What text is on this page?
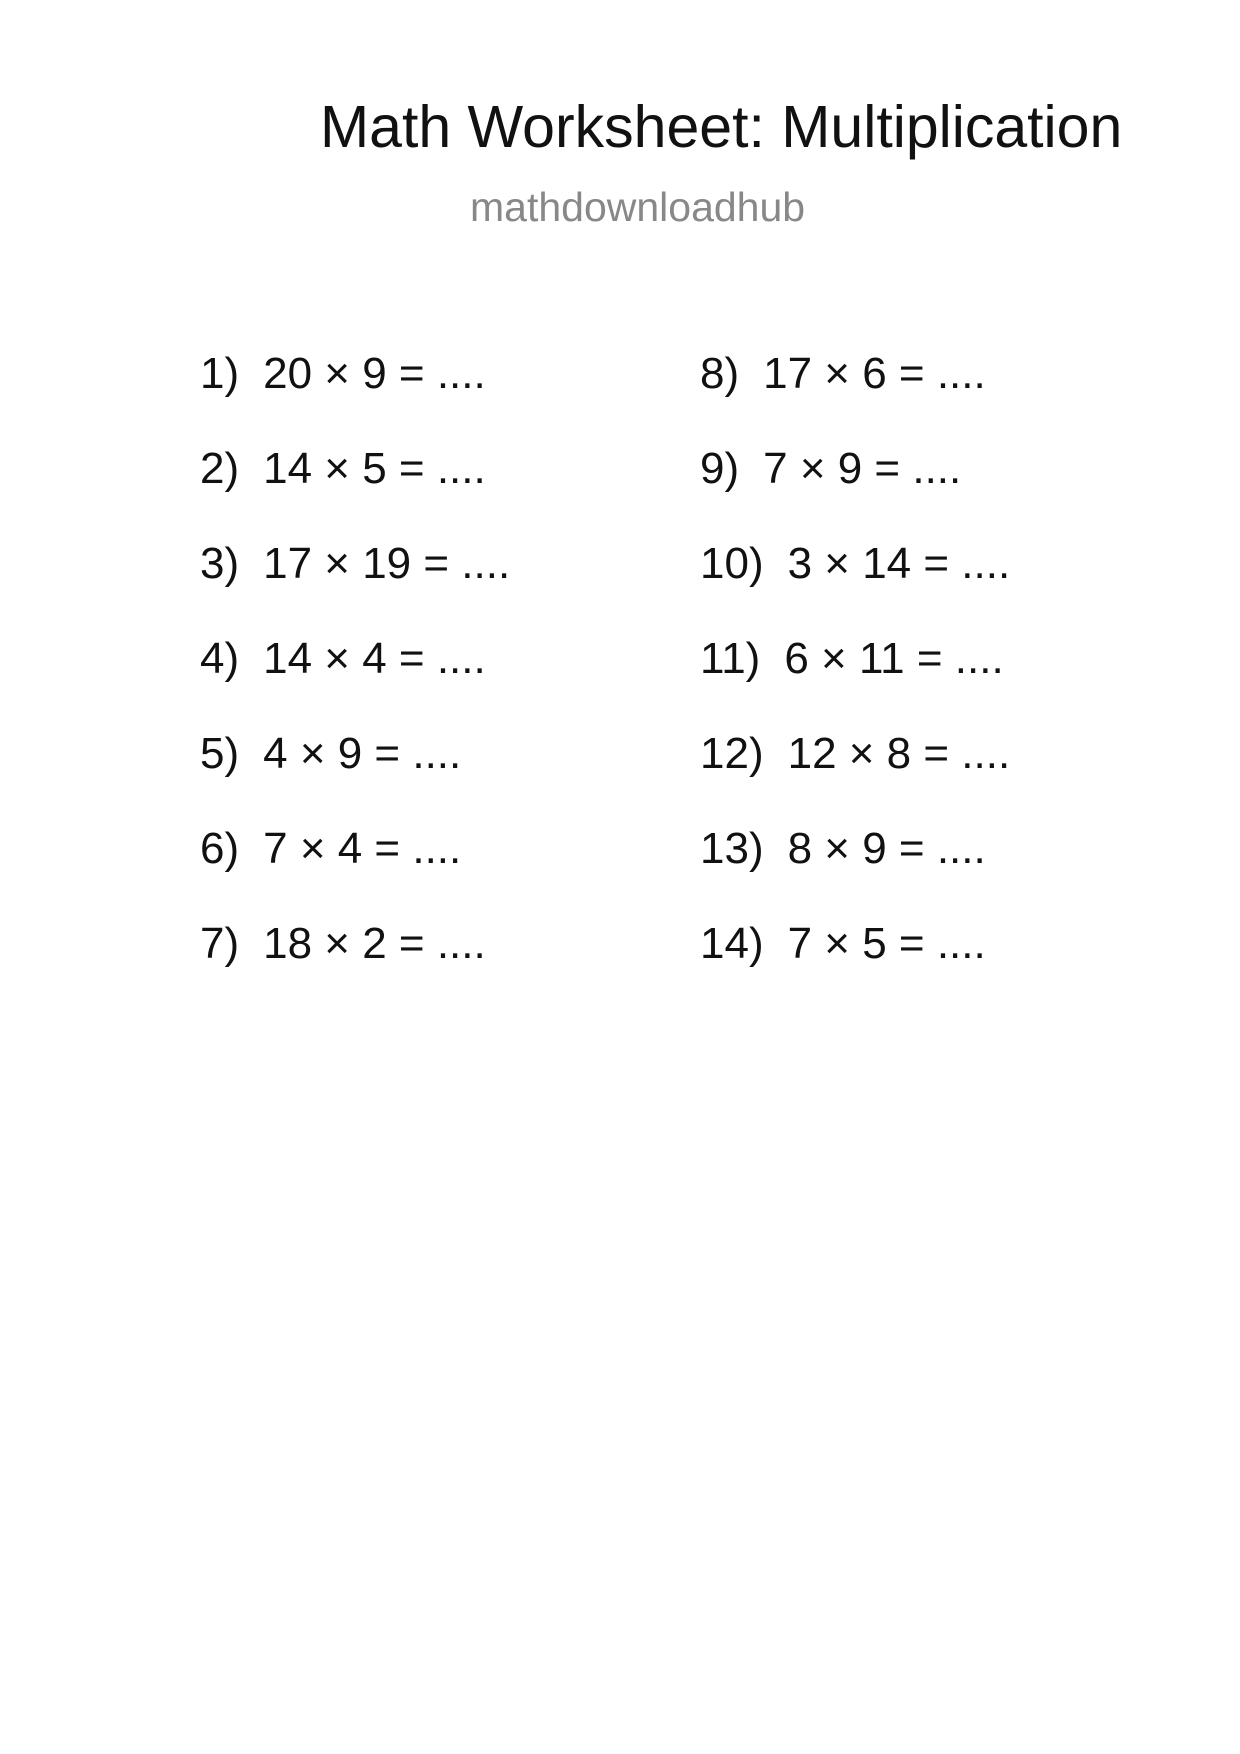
Math Worksheet: Multiplication
mathdownloadhub
1) 20 × 9 = ....
2) 14 × 5 = ....
3) 17 × 19 = ....
4) 14 × 4 = ....
5) 4 × 9 = ....
6) 7 × 4 = ....
7) 18 × 2 = ....
8) 17 × 6 = ....
9) 7 × 9 = ....
10) 3 × 14 = ....
11) 6 × 11 = ....
12) 12 × 8 = ....
13) 8 × 9 = ....
14) 7 × 5 = ....
